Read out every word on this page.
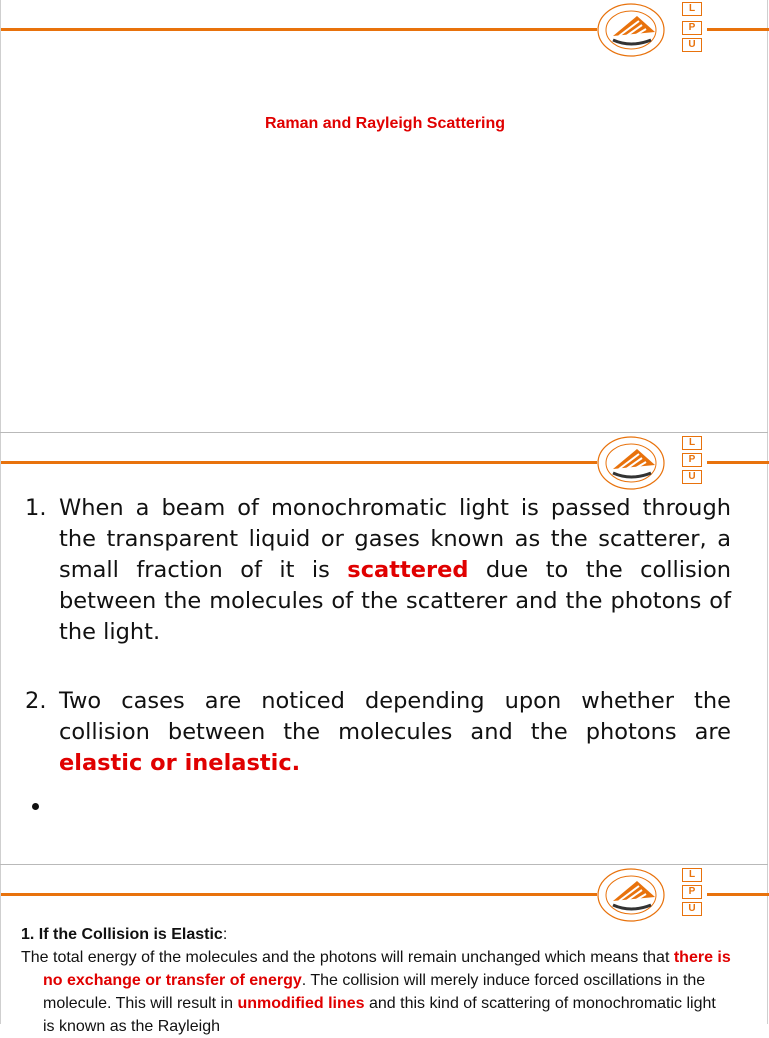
L
P
U
Raman and Rayleigh Scattering
L
P
U
1. When a beam of monochromatic light is passed through the transparent liquid or gases known as the scatterer, a small fraction of it is scattered due to the collision between the molecules of the scatterer and the photons of the light.
2. Two cases are noticed depending upon whether the collision between the molecules and the photons are elastic or inelastic.
L
P
U
1. If the Collision is Elastic:
The total energy of the molecules and the photons will remain unchanged which means that there is no exchange or transfer of energy. The collision will merely induce forced oscillations in the molecule. This will result in unmodified lines and this kind of scattering of monochromatic light is known as the Rayleigh
